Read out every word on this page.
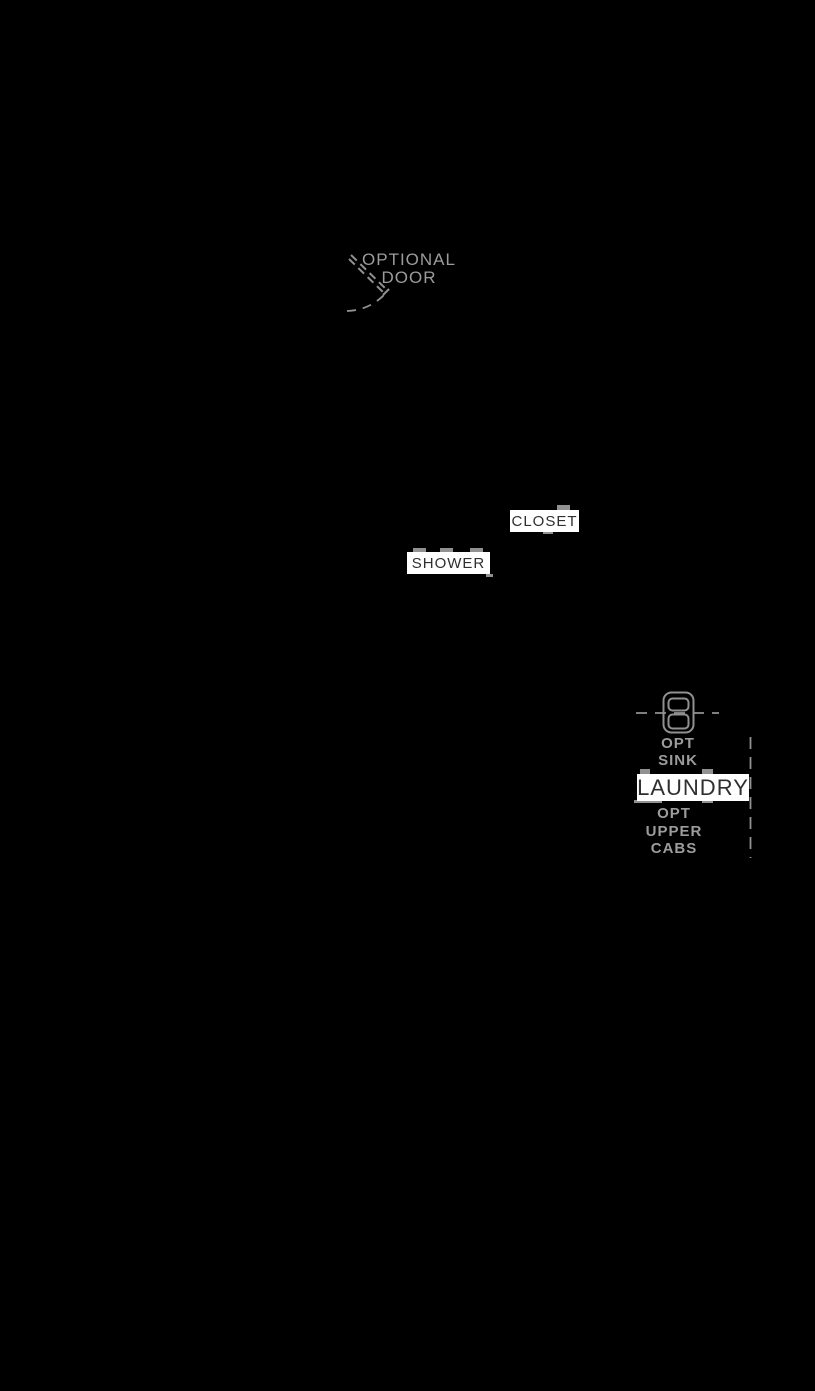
OPTIONAL
DOOR
CLOSET
SHOWER
LAUNDRY
OPT
SINK
OPT
UPPER
CABS
